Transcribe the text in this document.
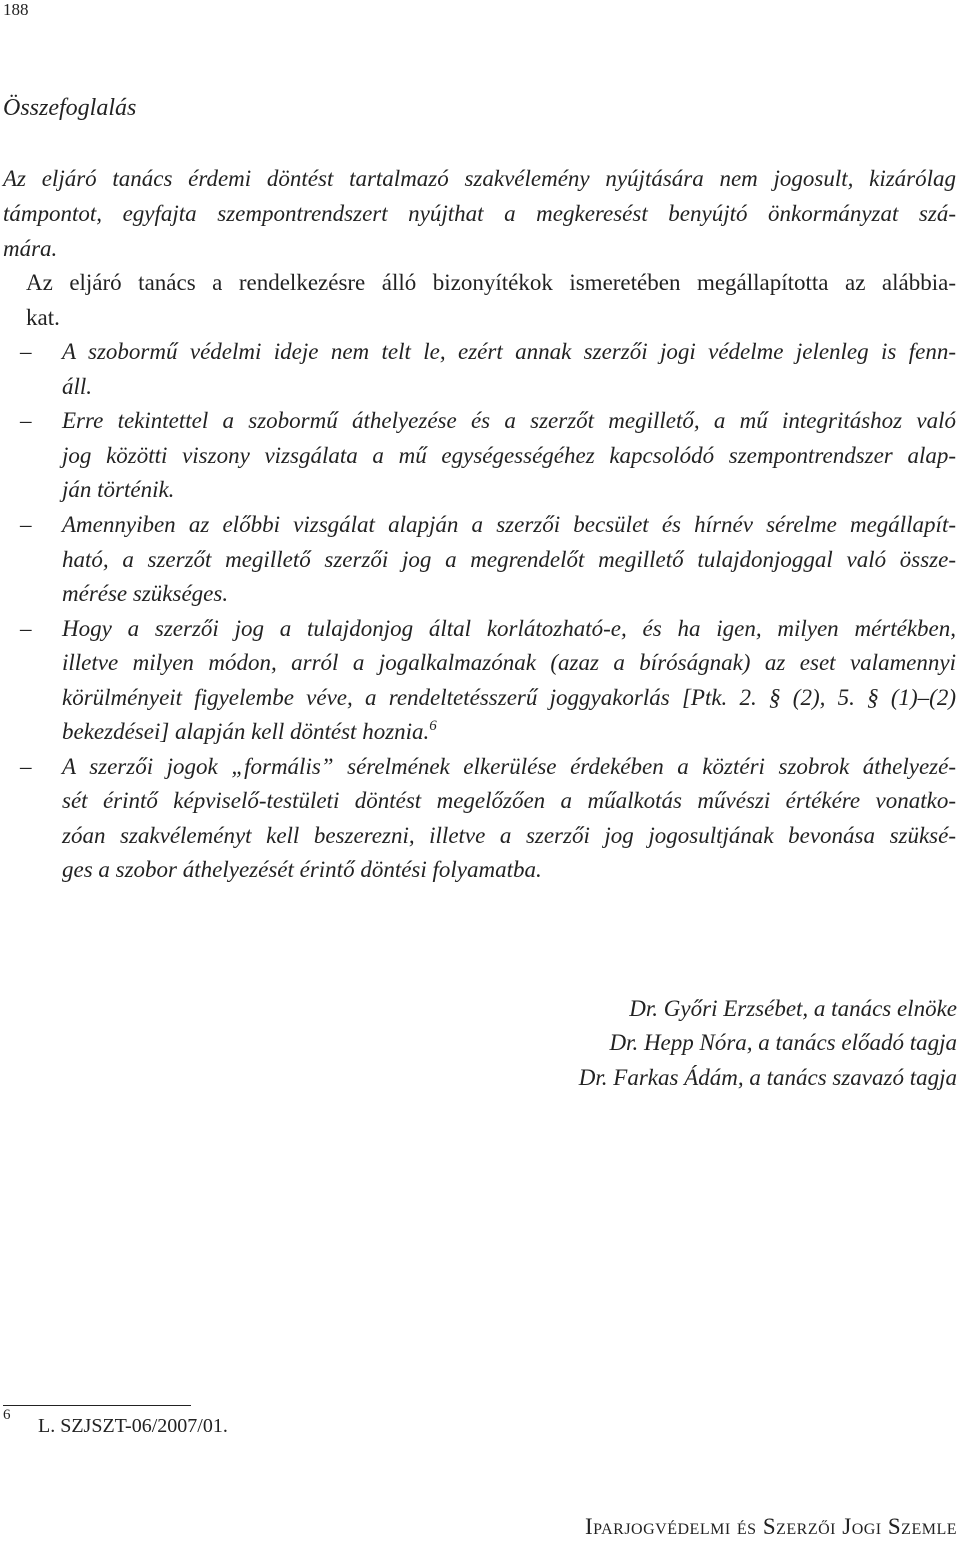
188
Összefoglalás
Az eljáró tanács érdemi döntést tartalmazó szakvélemény nyújtására nem jogosult, kizárólag
támpontot, egyfajta szempontrendszert nyújthat a megkeresést benyújtó önkormányzat szá-
mára.
Az eljáró tanács a rendelkezésre álló bizonyítékok ismeretében megállapította az alábbia-
kat.
– A szobormű védelmi ideje nem telt le, ezért annak szerzői jogi védelme jelenleg is fenn-
áll.
– Erre tekintettel a szobormű áthelyezése és a szerzőt megillető, a mű integritáshoz való
jog közötti viszony vizsgálata a mű egységességéhez kapcsolódó szempontrendszer alap-
ján történik.
– Amennyiben az előbbi vizsgálat alapján a szerzői becsület és hírnév sérelme megállapít-
ható, a szerzőt megillető szerzői jog a megrendelőt megillető tulajdonjoggal való össze-
mérése szükséges.
– Hogy a szerzői jog a tulajdonjog által korlátozható-e, és ha igen, milyen mértékben,
illetve milyen módon, arról a jogalkalmazónak (azaz a bíróságnak) az eset valamennyi
körülményeit figyelembe véve, a rendeltetésszerű joggyakorlás [Ptk. 2. § (2), 5. § (1)–(2)
bekezdései] alapján kell döntést hoznia.$^6$
– A szerzői jogok „formális” sérelmének elkerülése érdekében a köztéri szobrok áthelyezé-
sét érintő képviselő-testületi döntést megelőzően a műalkotás művészi értékére vonatko-
zóan szakvéleményt kell beszerezni, illetve a szerzői jog jogosultjának bevonása szüksé-
ges a szobor áthelyezését érintő döntési folyamatba.
Dr. Győri Erzsébet, a tanács elnöke
Dr. Hepp Nóra, a tanács előadó tagja
Dr. Farkas Ádám, a tanács szavazó tagja
6 L. SZJSZT-06/2007/01.
Iparjogvédelmi és Szerzői Jogi Szemle
